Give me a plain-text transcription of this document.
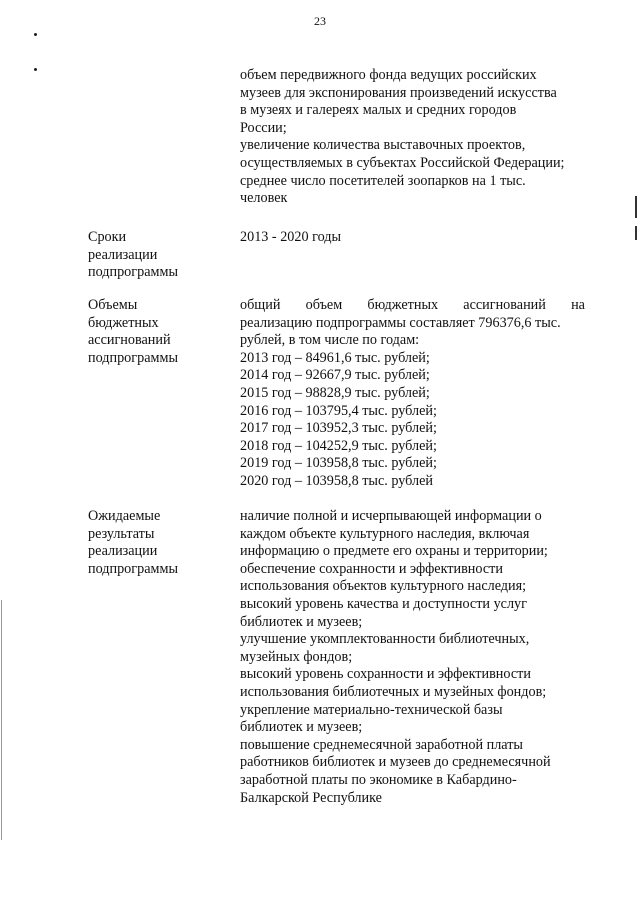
23
объем передвижного фонда ведущих российских
музеев для экспонирования произведений искусства
в музеях и галереях малых и средних городов
России;
увеличение количества выставочных проектов,
осуществляемых в субъектах Российской Федерации;
среднее число посетителей зоопарков на 1 тыс.
человек
Сроки
реализации
подпрограммы
2013 - 2020 годы
Объемы
бюджетных
ассигнований
подпрограммы
общий объем бюджетных ассигнований на
реализацию подпрограммы составляет 796376,6 тыс.
рублей, в том числе по годам:
2013 год – 84961,6 тыс. рублей;
2014 год – 92667,9 тыс. рублей;
2015 год – 98828,9 тыс. рублей;
2016 год – 103795,4 тыс. рублей;
2017 год – 103952,3 тыс. рублей;
2018 год – 104252,9 тыс. рублей;
2019 год – 103958,8 тыс. рублей;
2020 год – 103958,8 тыс. рублей
Ожидаемые
результаты
реализации
подпрограммы
наличие полной и исчерпывающей информации о
каждом объекте культурного наследия, включая
информацию о предмете его охраны и территории;
обеспечение сохранности и эффективности
использования объектов культурного наследия;
высокий уровень качества и доступности услуг
библиотек и музеев;
улучшение укомплектованности библиотечных,
музейных фондов;
высокий уровень сохранности и эффективности
использования библиотечных и музейных фондов;
укрепление материально-технической базы
библиотек и музеев;
повышение среднемесячной заработной платы
работников библиотек и музеев до среднемесячной
заработной платы по экономике в Кабардино-
Балкарской Республике
